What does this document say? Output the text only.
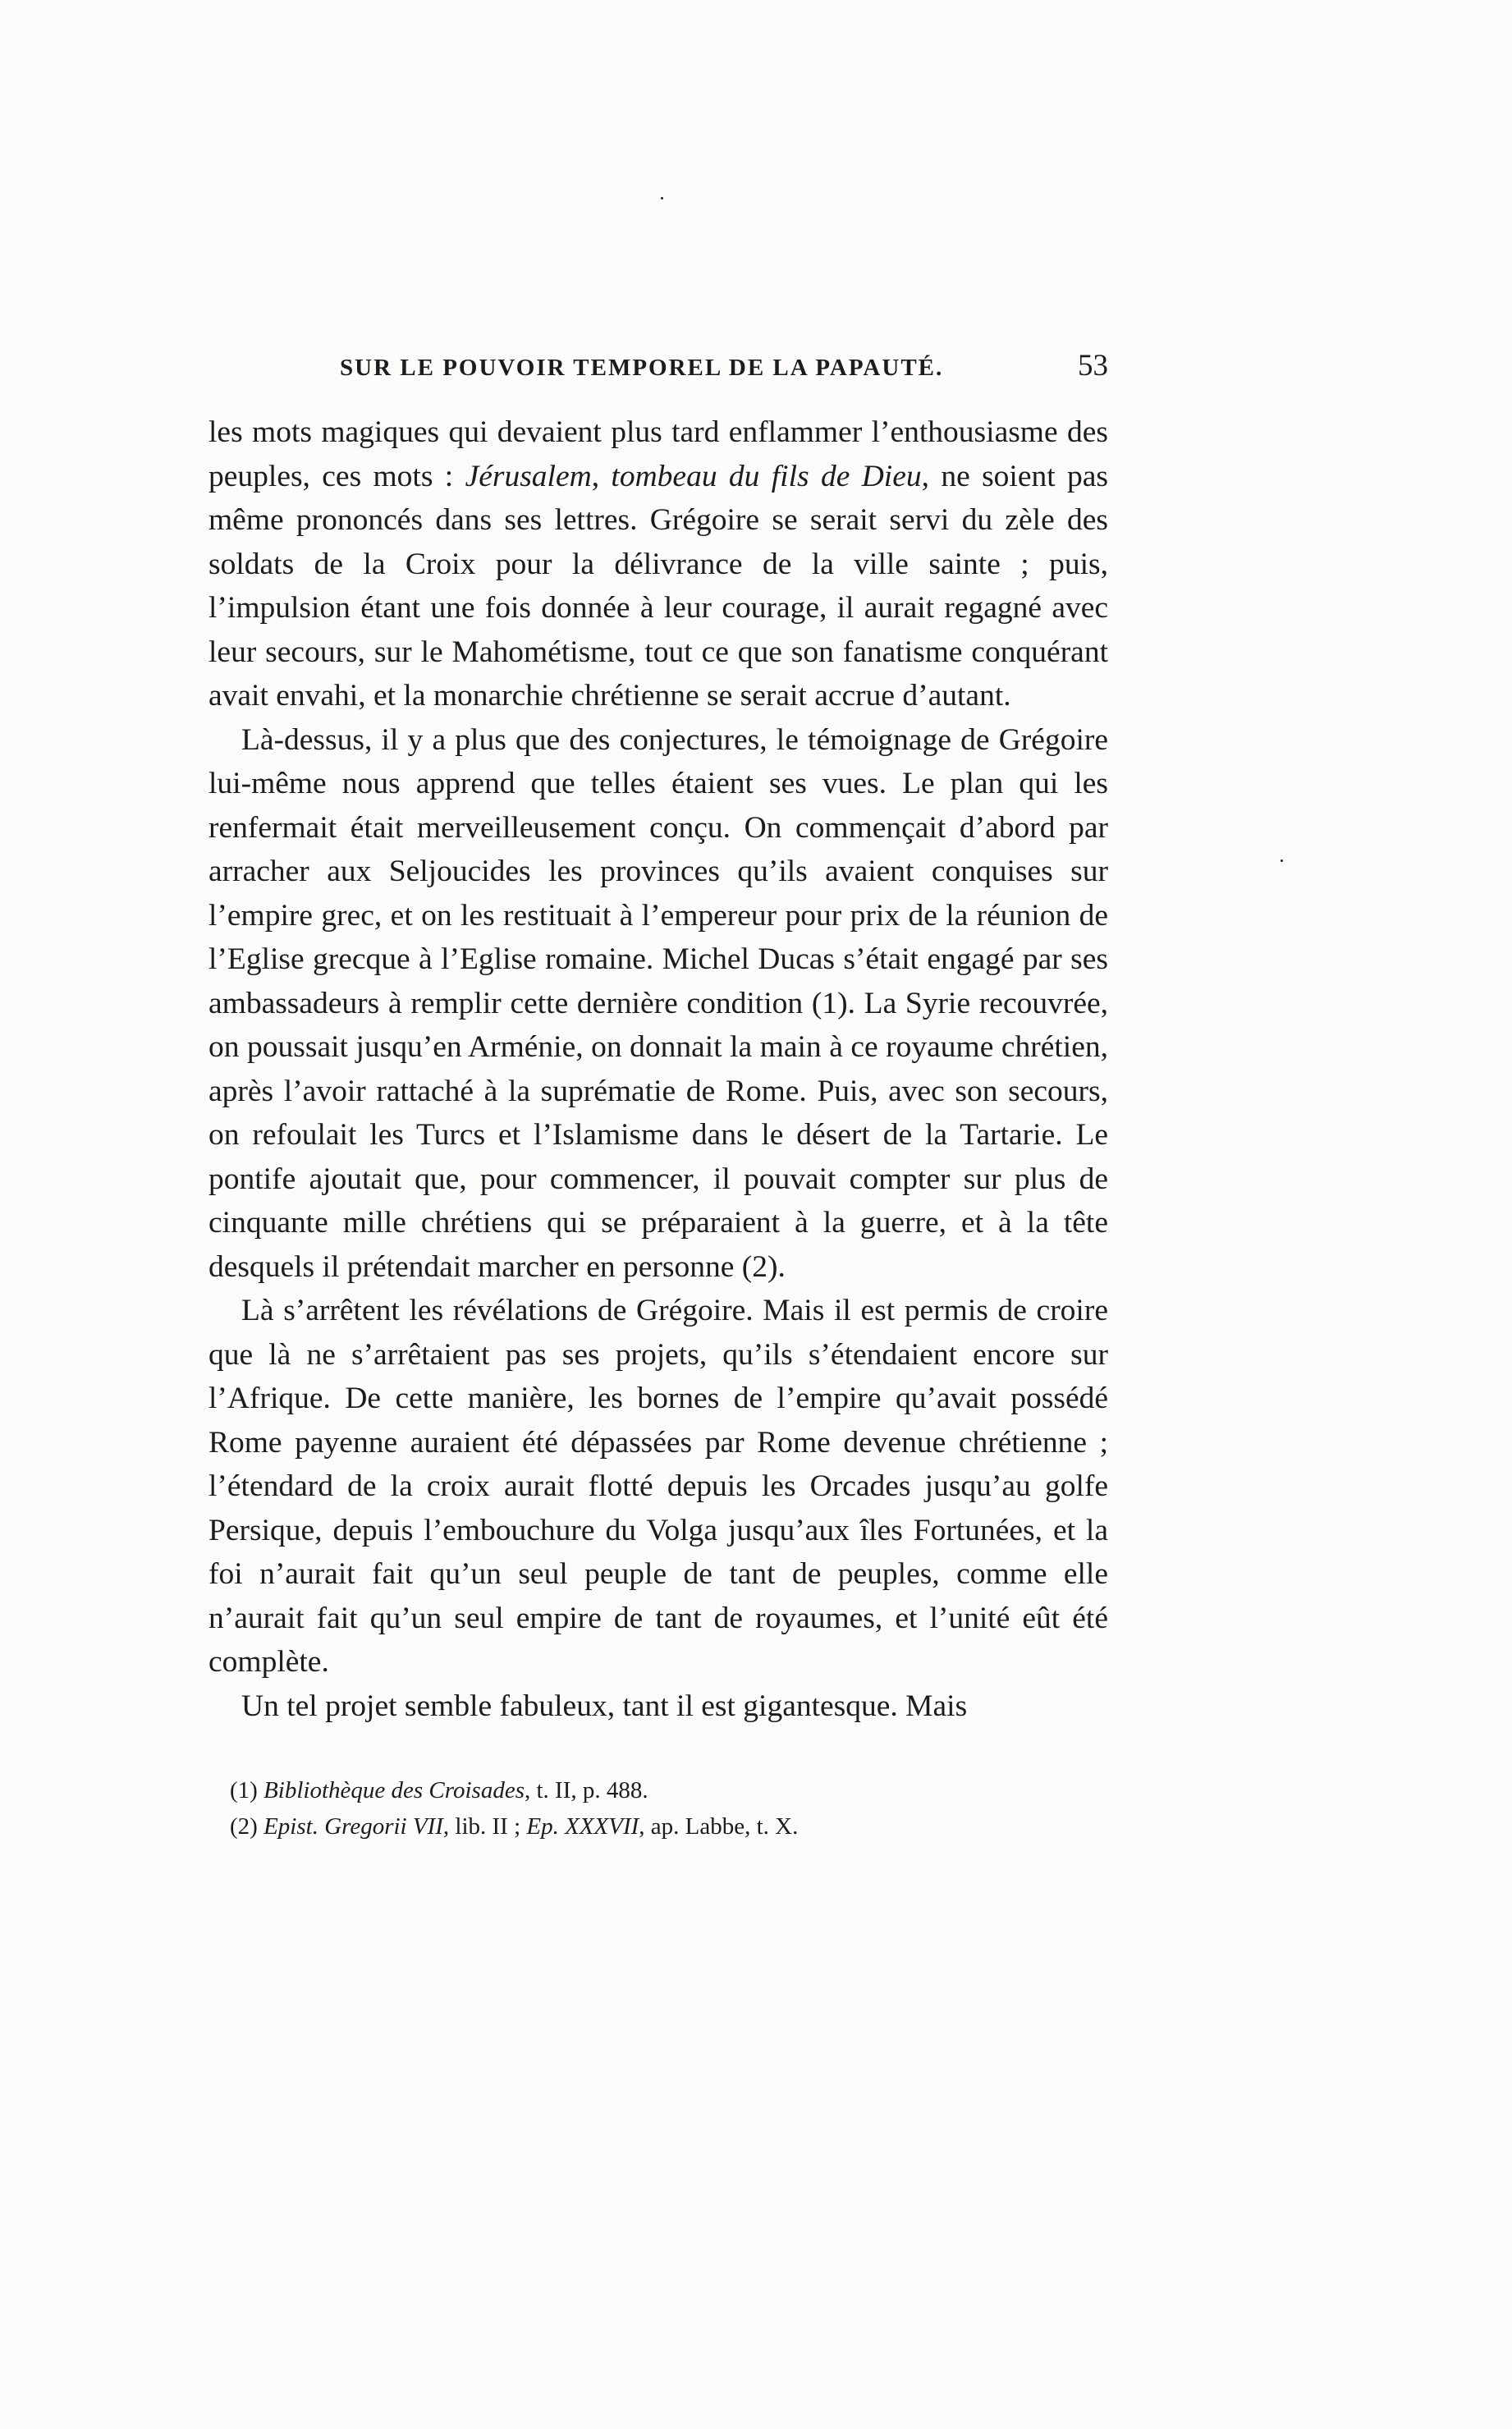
SUR LE POUVOIR TEMPOREL DE LA PAPAUTÉ.	53

les mots magiques qui devaient plus tard enflammer l’enthousiasme des peuples, ces mots : Jérusalem, tombeau du fils de Dieu, ne soient pas même prononcés dans ses lettres. Grégoire se serait servi du zèle des soldats de la Croix pour la délivrance de la ville sainte ; puis, l’impulsion étant une fois donnée à leur courage, il aurait regagné avec leur secours, sur le Mahométisme, tout ce que son fanatisme conquérant avait envahi, et la monarchie chrétienne se serait accrue d’autant.

Là-dessus, il y a plus que des conjectures, le témoignage de Grégoire lui-même nous apprend que telles étaient ses vues. Le plan qui les renfermait était merveilleusement conçu. On commençait d’abord par arracher aux Seljoucides les provinces qu’ils avaient conquises sur l’empire grec, et on les restituait à l’empereur pour prix de la réunion de l’Eglise grecque à l’Eglise romaine. Michel Ducas s’était engagé par ses ambassadeurs à remplir cette dernière condition (1). La Syrie recouvrée, on poussait jusqu’en Arménie, on donnait la main à ce royaume chrétien, après l’avoir rattaché à la suprématie de Rome. Puis, avec son secours, on refoulait les Turcs et l’Islamisme dans le désert de la Tartarie. Le pontife ajoutait que, pour commencer, il pouvait compter sur plus de cinquante mille chrétiens qui se préparaient à la guerre, et à la tête desquels il prétendait marcher en personne (2).

Là s’arrêtent les révélations de Grégoire. Mais il est permis de croire que là ne s’arrêtaient pas ses projets, qu’ils s’étendaient encore sur l’Afrique. De cette manière, les bornes de l’empire qu’avait possédé Rome payenne auraient été dépassées par Rome devenue chrétienne ; l’étendard de la croix aurait flotté depuis les Orcades jusqu’au golfe Persique, depuis l’embouchure du Volga jusqu’aux îles Fortunées, et la foi n’aurait fait qu’un seul peuple de tant de peuples, comme elle n’aurait fait qu’un seul empire de tant de royaumes, et l’unité eût été complète.

Un tel projet semble fabuleux, tant il est gigantesque. Mais

(1) Bibliothèque des Croisades, t. II, p. 488.

(2) Epist. Gregorii VII, lib. II ; Ep. XXXVII, ap. Labbe, t. X.
